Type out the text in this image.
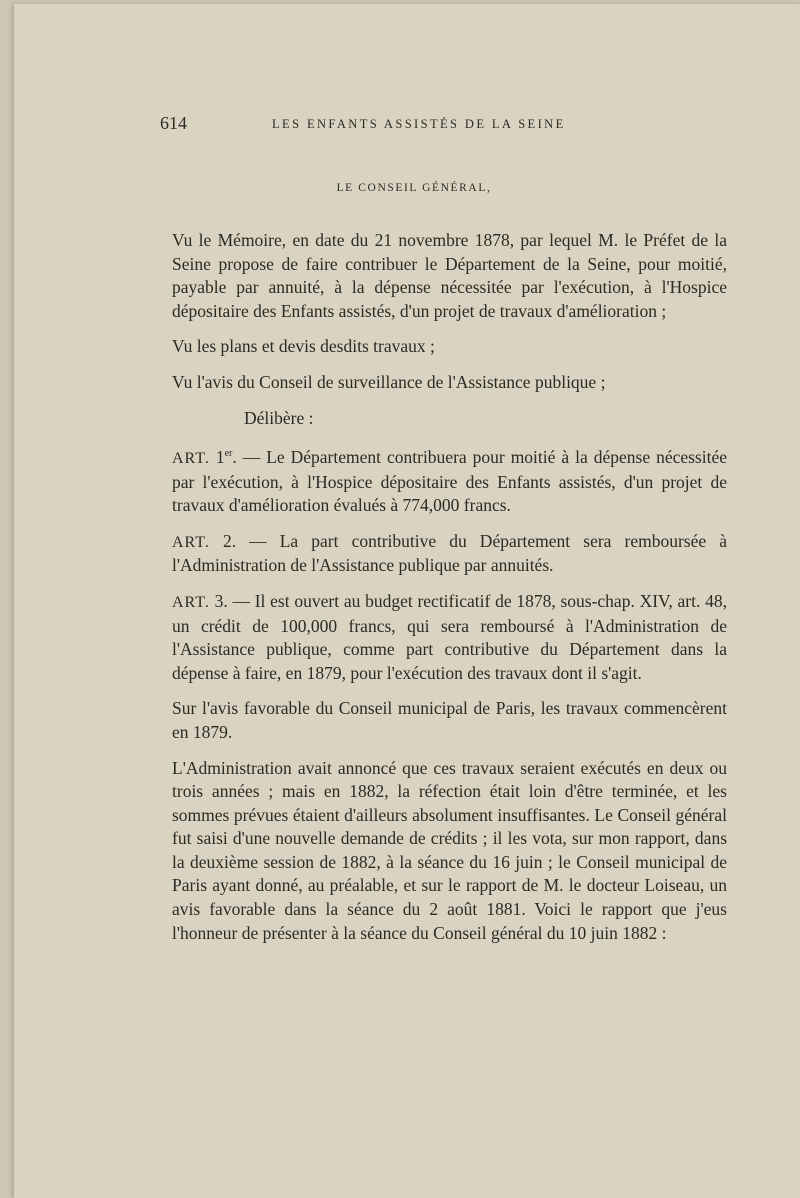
614	LES ENFANTS ASSISTÉS DE LA SEINE
LE CONSEIL GÉNÉRAL,

Vu le Mémoire, en date du 21 novembre 1878, par lequel M. le Préfet de la Seine propose de faire contribuer le Département de la Seine, pour moitié, payable par annuité, à la dépense nécessitée par l'exécution, à l'Hospice dépositaire des Enfants assistés, d'un projet de travaux d'amélioration ;

Vu les plans et devis desdits travaux ;

Vu l'avis du Conseil de surveillance de l'Assistance publique ;

Délibère :

ART. 1er. — Le Département contribuera pour moitié à la dépense nécessitée par l'exécution, à l'Hospice dépositaire des Enfants assistés, d'un projet de travaux d'amélioration évalués à 774,000 francs.

ART. 2. — La part contributive du Département sera remboursée à l'Administration de l'Assistance publique par annuités.

ART. 3. — Il est ouvert au budget rectificatif de 1878, sous-chap. XIV, art. 48, un crédit de 100,000 francs, qui sera remboursé à l'Administration de l'Assistance publique, comme part contributive du Département dans la dépense à faire, en 1879, pour l'exécution des travaux dont il s'agit.

Sur l'avis favorable du Conseil municipal de Paris, les travaux commencèrent en 1879.

L'Administration avait annoncé que ces travaux seraient exécutés en deux ou trois années ; mais en 1882, la réfection était loin d'être terminée, et les sommes prévues étaient d'ailleurs absolument insuffisantes. Le Conseil général fut saisi d'une nouvelle demande de crédits ; il les vota, sur mon rapport, dans la deuxième session de 1882, à la séance du 16 juin ; le Conseil municipal de Paris ayant donné, au préalable, et sur le rapport de M. le docteur Loiseau, un avis favorable dans la séance du 2 août 1881. Voici le rapport que j'eus l'honneur de présenter à la séance du Conseil général du 10 juin 1882 :
